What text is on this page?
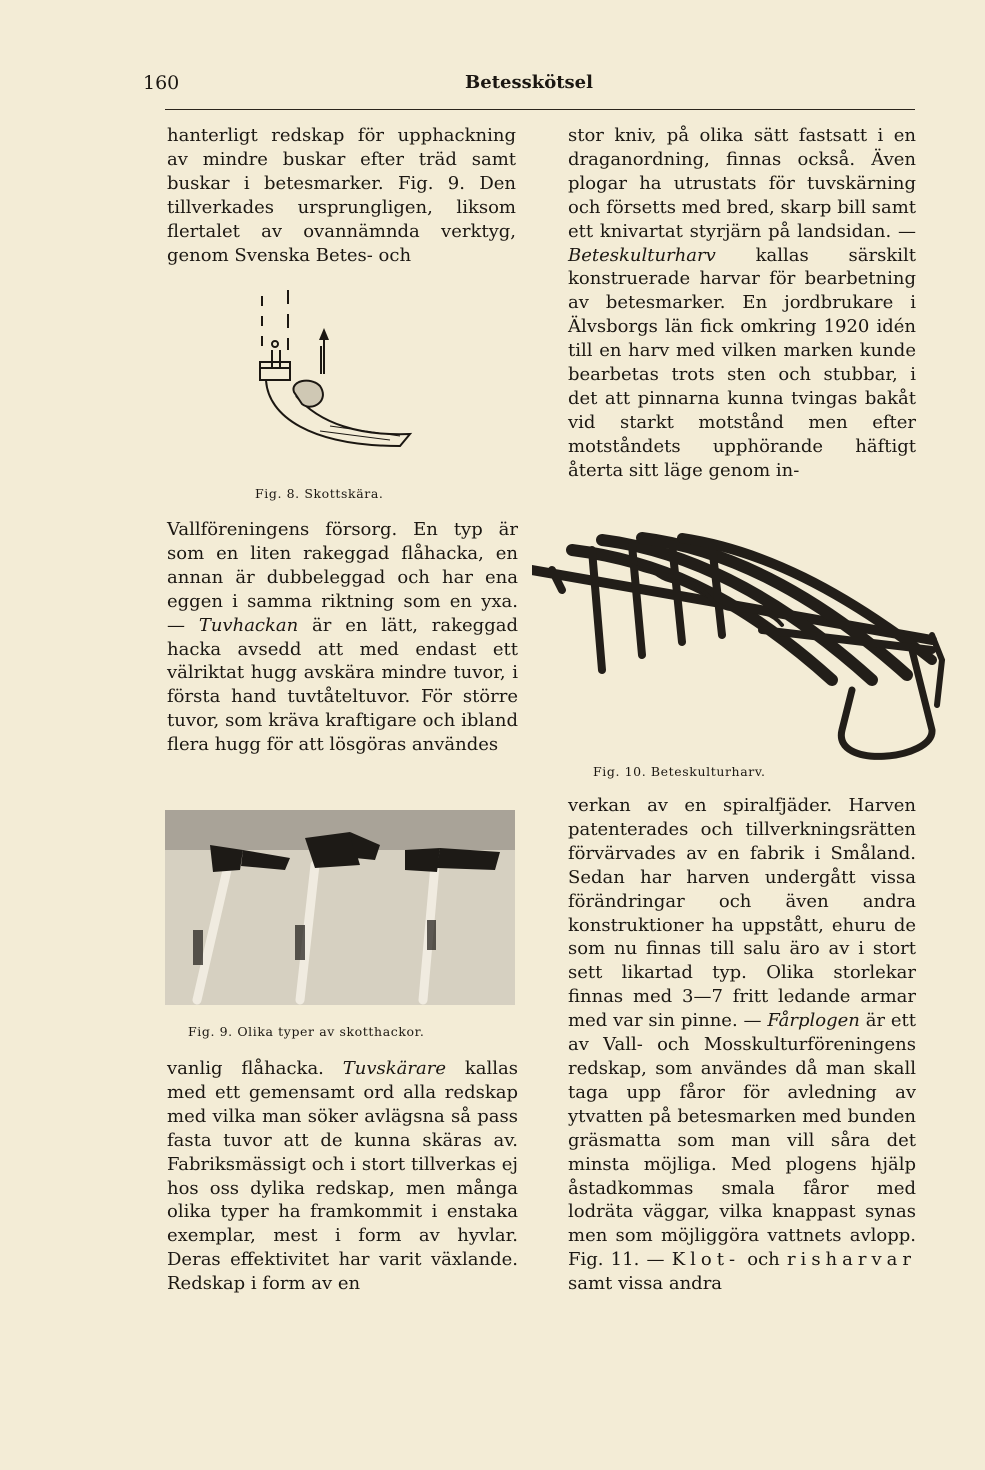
160	Betesskötsel

hanterligt redskap för upphackning av mindre buskar efter träd samt buskar i betesmarker. Fig. 9. Den tillverkades ursprungligen, liksom flertalet av ovannämnda verktyg, genom Svenska Betes- och

Fig. 8. Skottskära.

Vallföreningens försorg. En typ är som en liten rakeggad flåhacka, en annan är dubbeleggad och har ena eggen i samma riktning som en yxa. — Tuvhackan är en lätt, rakeggad hacka avsedd att med endast ett välriktat hugg avskära mindre tuvor, i första hand tuvtåteltuvor. För större tuvor, som kräva kraftigare och ibland flera hugg för att lösgöras användes

Fig. 9. Olika typer av skotthackor.

vanlig flåhacka. Tuvskärare kallas med ett gemensamt ord alla redskap med vilka man söker avlägsna så pass fasta tuvor att de kunna skäras av. Fabriksmässigt och i stort tillverkas ej hos oss dylika redskap, men många olika typer ha framkommit i enstaka exemplar, mest i form av hyvlar. Deras effektivitet har varit växlande. Redskap i form av en

stor kniv, på olika sätt fastsatt i en draganordning, finnas också. Även plogar ha utrustats för tuvskärning och försetts med bred, skarp bill samt ett knivartat styrjärn på landsidan. — Beteskulturharv kallas särskilt konstruerade harvar för bearbetning av betesmarker. En jordbrukare i Älvsborgs län fick omkring 1920 idén till en harv med vilken marken kunde bearbetas trots sten och stubbar, i det att pinnarna kunna tvingas bakåt vid starkt motstånd men efter motståndets upphörande häftigt återta sitt läge genom in-

Fig. 10. Beteskulturharv.

verkan av en spiralfjäder. Harven patenterades och tillverkningsrätten förvärvades av en fabrik i Småland. Sedan har harven undergått vissa förändringar och även andra konstruktioner ha uppstått, ehuru de som nu finnas till salu äro av i stort sett likartad typ. Olika storlekar finnas med 3—7 fritt ledande armar med var sin pinne. — Fårplogen är ett av Vall- och Mosskulturföreningens redskap, som användes då man skall taga upp fåror för avledning av ytvatten på betesmarken med bunden gräsmatta som man vill såra det minsta möjliga. Med plogens hjälp åstadkommas smala fåror med lodräta väggar, vilka knappast synas men som möjliggöra vattnets avlopp. Fig. 11. — Klot- och risharvar samt vissa andra
